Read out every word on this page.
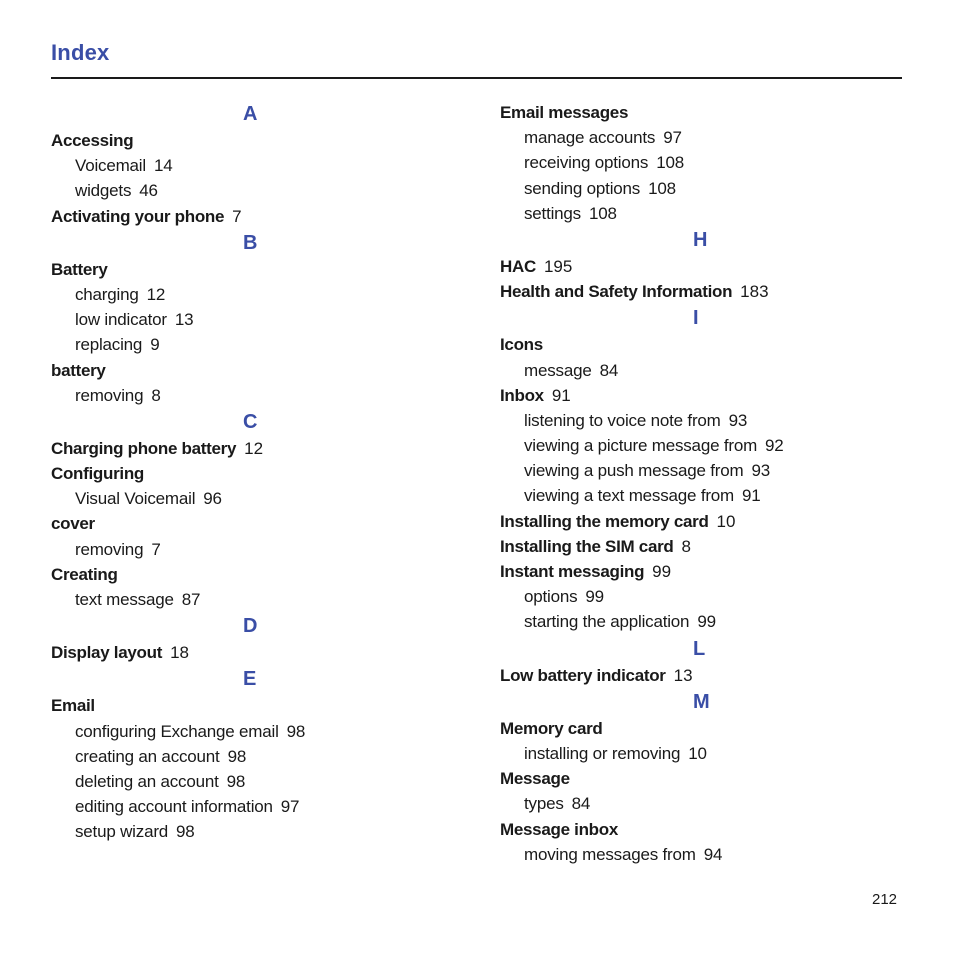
Index
A
Accessing
Voicemail 14
widgets 46
Activating your phone 7
B
Battery
charging 12
low indicator 13
replacing 9
battery
removing 8
C
Charging phone battery 12
Configuring
Visual Voicemail 96
cover
removing 7
Creating
text message 87
D
Display layout 18
E
Email
configuring Exchange email 98
creating an account 98
deleting an account 98
editing account information 97
setup wizard 98
Email messages
manage accounts 97
receiving options 108
sending options 108
settings 108
H
HAC 195
Health and Safety Information 183
I
Icons
message 84
Inbox 91
listening to voice note from 93
viewing a picture message from 92
viewing a push message from 93
viewing a text message from 91
Installing the memory card 10
Installing the SIM card 8
Instant messaging 99
options 99
starting the application 99
L
Low battery indicator 13
M
Memory card
installing or removing 10
Message
types 84
Message inbox
moving messages from 94
212
